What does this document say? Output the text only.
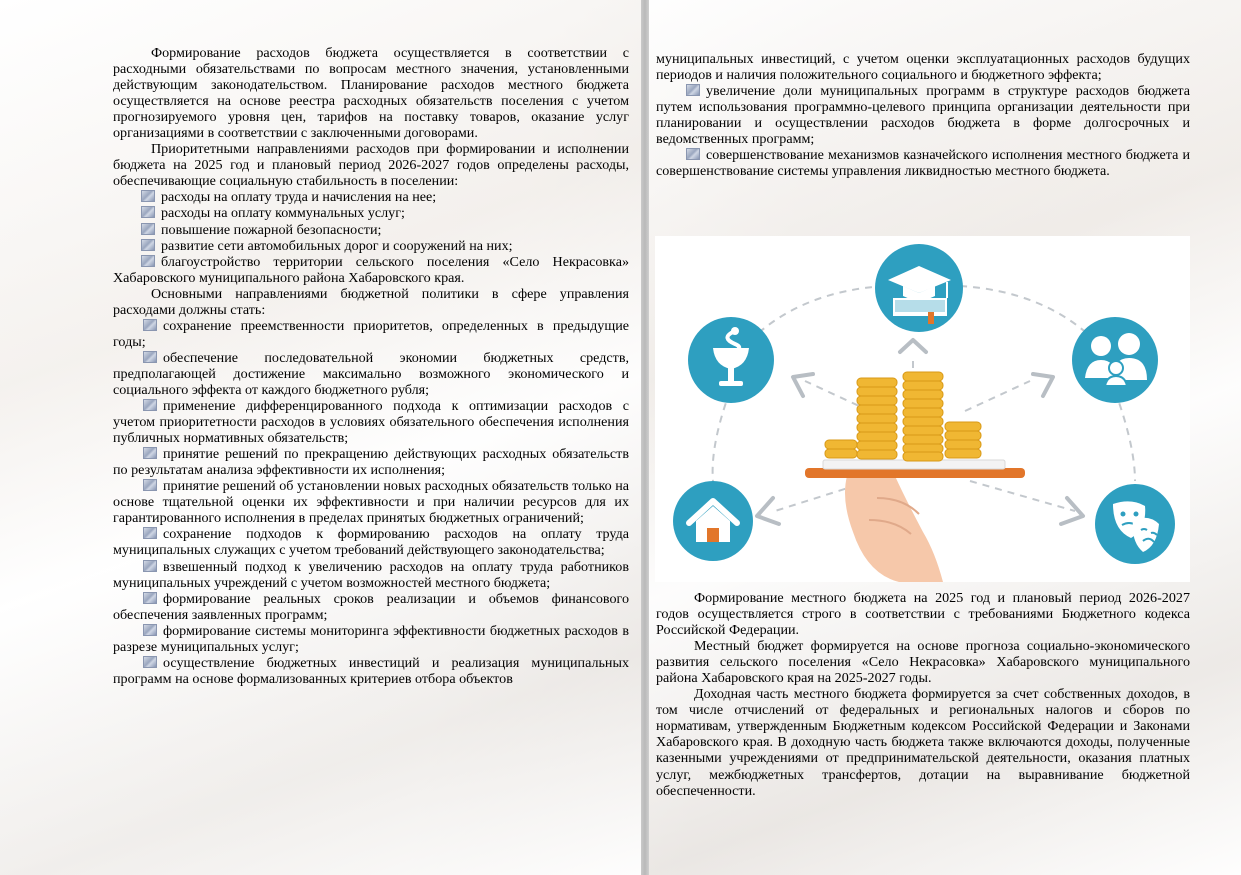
Формирование расходов бюджета осуществляется в соответствии с расходными обязательствами по вопросам местного значения, установленными действующим законодательством. Планирование расходов местного бюджета осуществляется на основе реестра расходных обязательств поселения с учетом прогнозируемого уровня цен, тарифов на поставку товаров, оказание услуг организациями в соответствии с заключенными договорами.

Приоритетными направлениями расходов при формировании и исполнении бюджета на 2025 год и плановый период 2026-2027 годов определены расходы, обеспечивающие социальную стабильность в поселении:

расходы на оплату труда и начисления на нее;

расходы на оплату коммунальных услуг;

повышение пожарной безопасности;

развитие сети автомобильных дорог и сооружений на них;

благоустройство территории сельского поселения «Село Некрасовка» Хабаровского муниципального района Хабаровского края.

Основными направлениями бюджетной политики в сфере управления расходами должны стать:

сохранение преемственности приоритетов, определенных в предыдущие годы;

обеспечение последовательной экономии бюджетных средств, предполагающей достижение максимально возможного экономического и социального эффекта от каждого бюджетного рубля;

применение дифференцированного подхода к оптимизации расходов с учетом приоритетности расходов в условиях обязательного обеспечения исполнения публичных нормативных обязательств;

принятие решений по прекращению действующих расходных обязательств по результатам анализа эффективности их исполнения;

принятие решений об установлении новых расходных обязательств только на основе тщательной оценки их эффективности и при наличии ресурсов для их гарантированного исполнения в пределах принятых бюджетных ограничений;

сохранение подходов к формированию расходов на оплату труда муниципальных служащих с учетом требований действующего законодательства;

взвешенный подход к увеличению расходов на оплату труда работников муниципальных учреждений с учетом возможностей местного бюджета;

формирование реальных сроков реализации и объемов финансового обеспечения заявленных программ;

формирование системы мониторинга эффективности бюджетных расходов в разрезе муниципальных услуг;

осуществление бюджетных инвестиций и реализация муниципальных программ на основе формализованных критериев отбора объектов

муниципальных инвестиций, с учетом оценки эксплуатационных расходов будущих периодов и наличия положительного социального и бюджетного эффекта;

увеличение доли муниципальных программ в структуре расходов бюджета путем использования программно-целевого принципа организации деятельности при планировании и осуществлении расходов бюджета в форме долгосрочных и ведомственных программ;

совершенствование механизмов казначейского исполнения местного бюджета и совершенствование системы управления ликвидностью местного бюджета.

Формирование местного бюджета на 2025 год и плановый период 2026-2027 годов осуществляется строго в соответствии с требованиями Бюджетного кодекса Российской Федерации.

Местный бюджет формируется на основе прогноза социально-экономического развития сельского поселения «Село Некрасовка» Хабаровского муниципального района Хабаровского края на 2025-2027 годы.

Доходная часть местного бюджета формируется за счет собственных доходов, в том числе отчислений от федеральных и региональных налогов и сборов по нормативам, утвержденным Бюджетным кодексом Российской Федерации и Законами Хабаровского края. В доходную часть бюджета также включаются доходы, полученные казенными учреждениями от предпринимательской деятельности, оказания платных услуг, межбюджетных трансфертов, дотации на выравнивание бюджетной обеспеченности.
